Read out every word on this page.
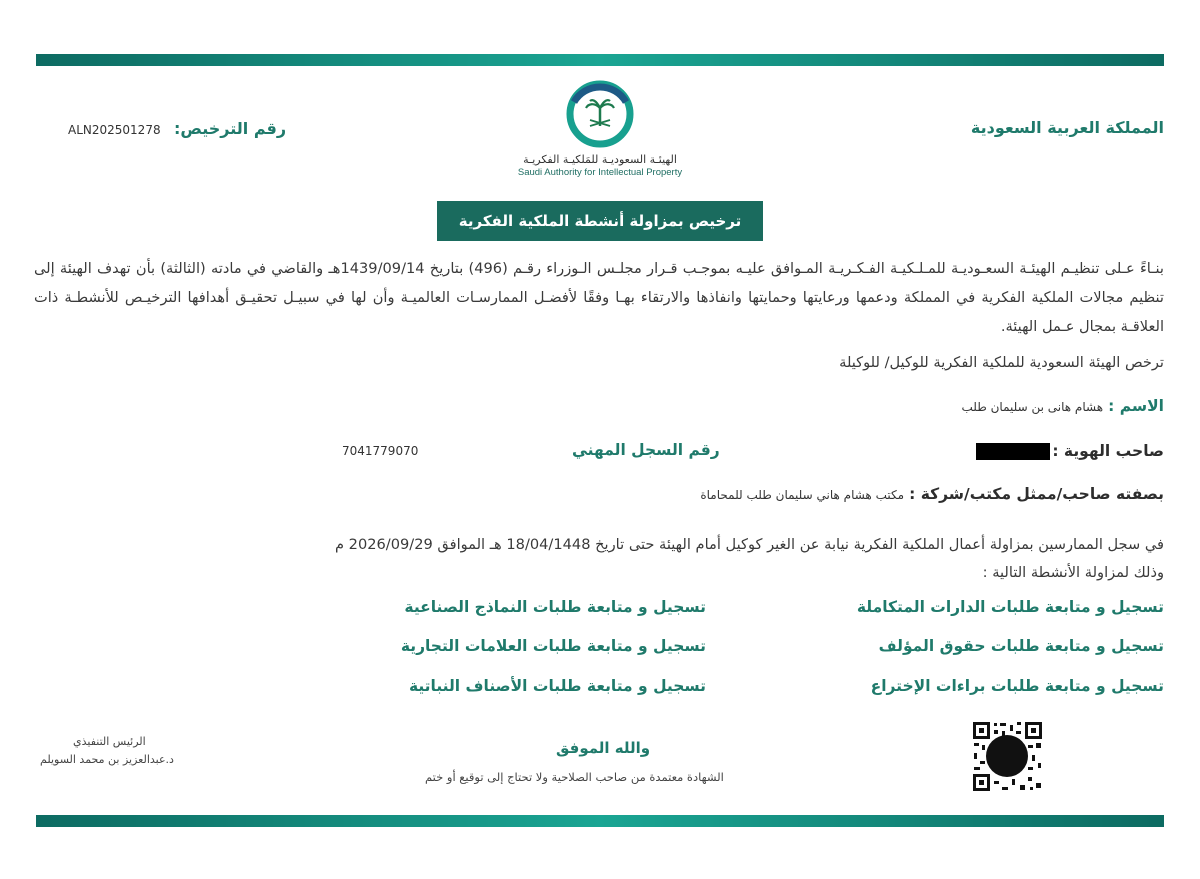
المملكة العربية السعودية
رقم الترخيص:
ALN202501278
الهيئـة السعوديـة للمَلكيـة الفكريـة
Saudi Authority for Intellectual Property
ترخيص بمزاولة أنشطة الملكية الفكرية
بنـاءً عـلى تنظيـم الهيئـة السعـوديـة للمـلـكيـة الفـكـريـة المـوافق عليـه بموجـب قـرار مجلـس الـوزراء رقـم (496) بتاريخ 1439/09/14هـ والقاضي في مادته (الثالثة) بأن تهدف الهيئة إلى تنظيم مجالات الملكية الفكرية في المملكة ودعمها ورعايتها وحمايتها وانفاذها والارتقاء بهـا وفقًا لأفضـل الممارسـات العالميـة وأن لها في سبيـل تحقيـق أهدافها الترخيـص للأنشطـة ذات العلاقـة بمجال عـمل الهيئة.
ترخص الهيئة السعودية للملكية الفكرية للوكيل/ للوكيلة
الاسم : هشام هانى بن سليمان طلب
صاحب الهوية :
رقم السجل المهني
7041779070
بصفته صاحب/ممثل مكتب/شركة : مكتب هشام هاني سليمان طلب للمحاماة
في سجل الممارسين بمزاولة أعمال الملكية الفكرية نيابة عن الغير كوكيل أمام الهيئة حتى تاريخ 18/04/1448 هـ الموافق 2026/09/29 م
وذلك لمزاولة الأنشطة التالية :
تسجيل و متابعة طلبات الدارات المتكاملة
تسجيل و متابعة طلبات حقوق المؤلف
تسجيل و متابعة طلبات براءات الإختراع
تسجيل و متابعة طلبات النماذج الصناعية
تسجيل و متابعة طلبات العلامات التجارية
تسجيل و متابعة طلبات الأصناف النباتية
والله الموفق
الشهادة معتمدة من صاحب الصلاحية ولا تحتاج إلى توقيع أو ختم
الرئيس التنفيذي
د.عبدالعزيز بن محمد السويلم
